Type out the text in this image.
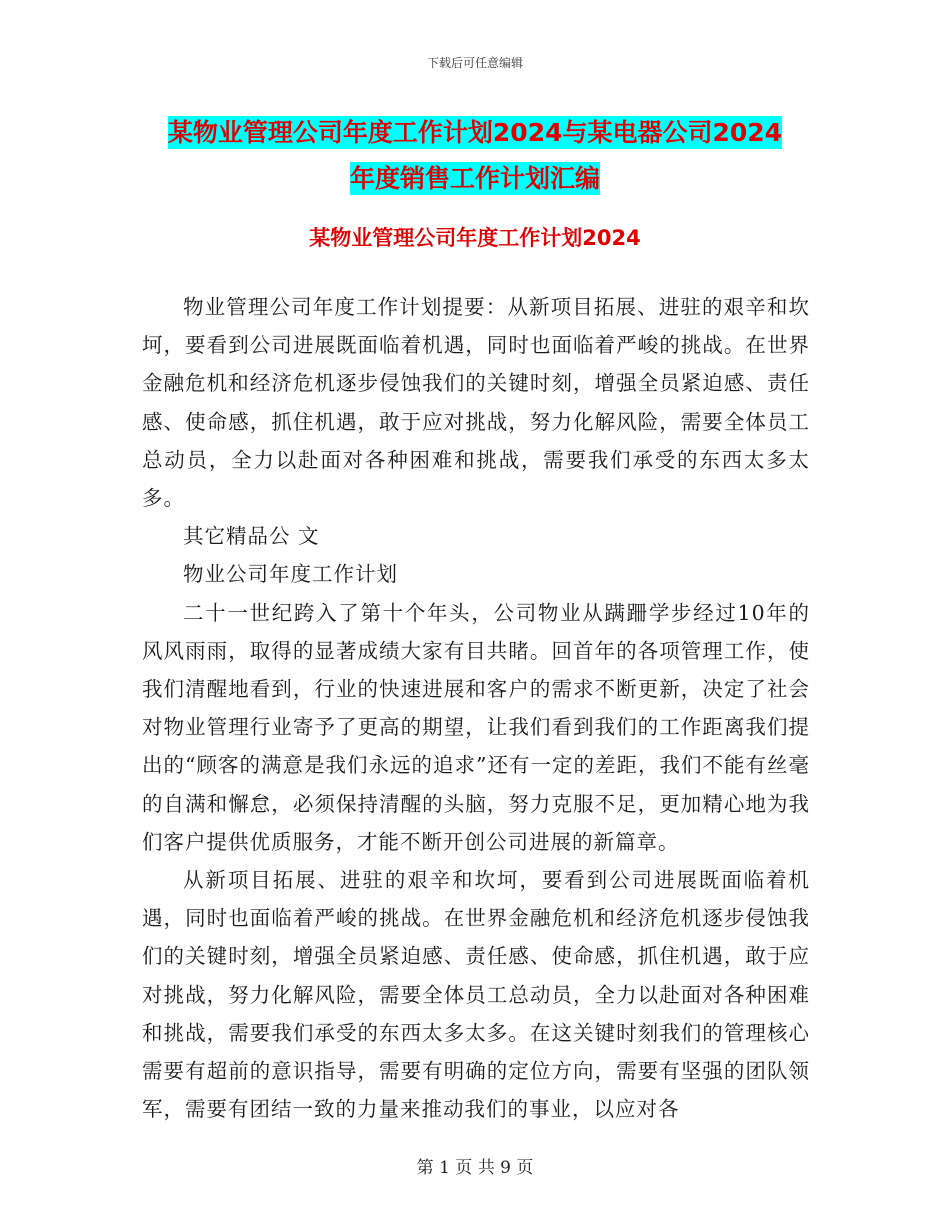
下载后可任意编辑
某物业管理公司年度工作计划2024与某电器公司2024
年度销售工作计划汇编
某物业管理公司年度工作计划2024

物业管理公司年度工作计划提要：从新项目拓展、进驻的艰辛和坎坷，要看到公司进展既面临着机遇，同时也面临着严峻的挑战。在世界金融危机和经济危机逐步侵蚀我们的关键时刻，增强全员紧迫感、责任感、使命感，抓住机遇，敢于应对挑战，努力化解风险，需要全体员工总动员，全力以赴面对各种困难和挑战，需要我们承受的东西太多太多。

其它精品公 文

物业公司年度工作计划

二十一世纪跨入了第十个年头，公司物业从蹒跚学步经过10年的风风雨雨，取得的显著成绩大家有目共睹。回首年的各项管理工作，使我们清醒地看到，行业的快速进展和客户的需求不断更新，决定了社会对物业管理行业寄予了更高的期望，让我们看到我们的工作距离我们提出的“顾客的满意是我们永远的追求”还有一定的差距，我们不能有丝毫的自满和懈怠，必须保持清醒的头脑，努力克服不足，更加精心地为我们客户提供优质服务，才能不断开创公司进展的新篇章。

从新项目拓展、进驻的艰辛和坎坷，要看到公司进展既面临着机遇，同时也面临着严峻的挑战。在世界金融危机和经济危机逐步侵蚀我们的关键时刻，增强全员紧迫感、责任感、使命感，抓住机遇，敢于应对挑战，努力化解风险，需要全体员工总动员，全力以赴面对各种困难和挑战，需要我们承受的东西太多太多。在这关键时刻我们的管理核心需要有超前的意识指导，需要有明确的定位方向，需要有坚强的团队领军，需要有团结一致的力量来推动我们的事业，以应对各

第 1 页 共 9 页
